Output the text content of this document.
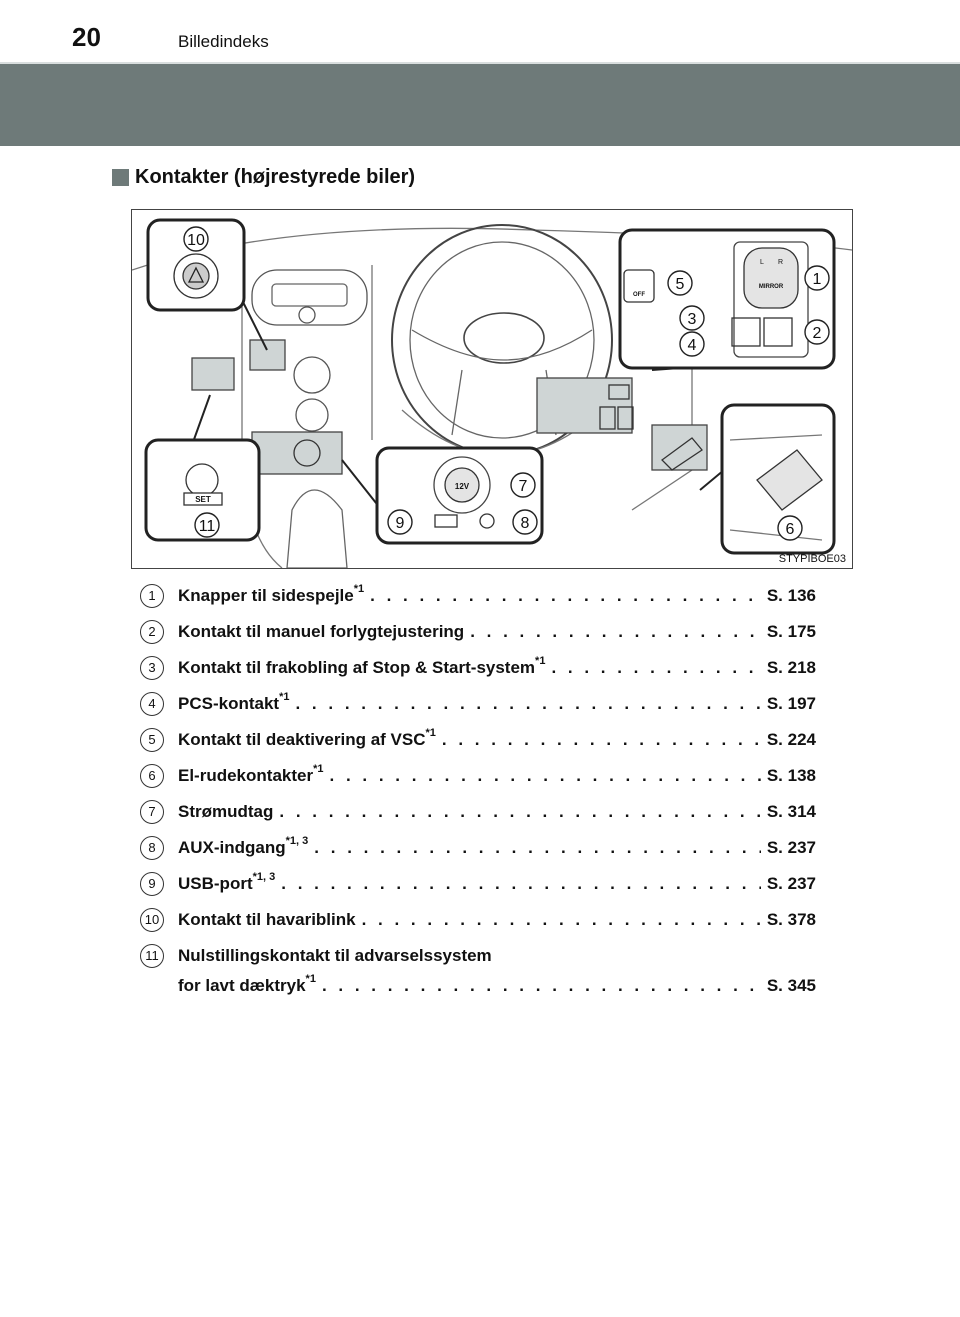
20	Billedindeks
Kontakter (højrestyrede biler)
SET
12V
L R
MIRROR
OFF
10
1
2
3
4
5
6
7
8
9
11
STYPIBOE03
1	Knapper til sidespejle$^{*1}$ . . .	S. 136
2	Kontakt til manuel forlygtejustering . . .	S. 175
3	Kontakt til frakobling af Stop & Start-system$^{*1}$ . . .	S. 218
4	PCS-kontakt$^{*1}$ . . .	S. 197
5	Kontakt til deaktivering af VSC$^{*1}$ . . .	S. 224
6	El-rudekontakter$^{*1}$ . . .	S. 138
7	Strømudtag . . .	S. 314
8	AUX-indgang$^{*1, 3}$ . . .	S. 237
9	USB-port$^{*1, 3}$ . . .	S. 237
10 Kontakt til havariblink . . .	S. 378
11	Nulstillingskontakt til advarselssystem
for lavt dæktryk$^{*1}$ . . .	S. 345
